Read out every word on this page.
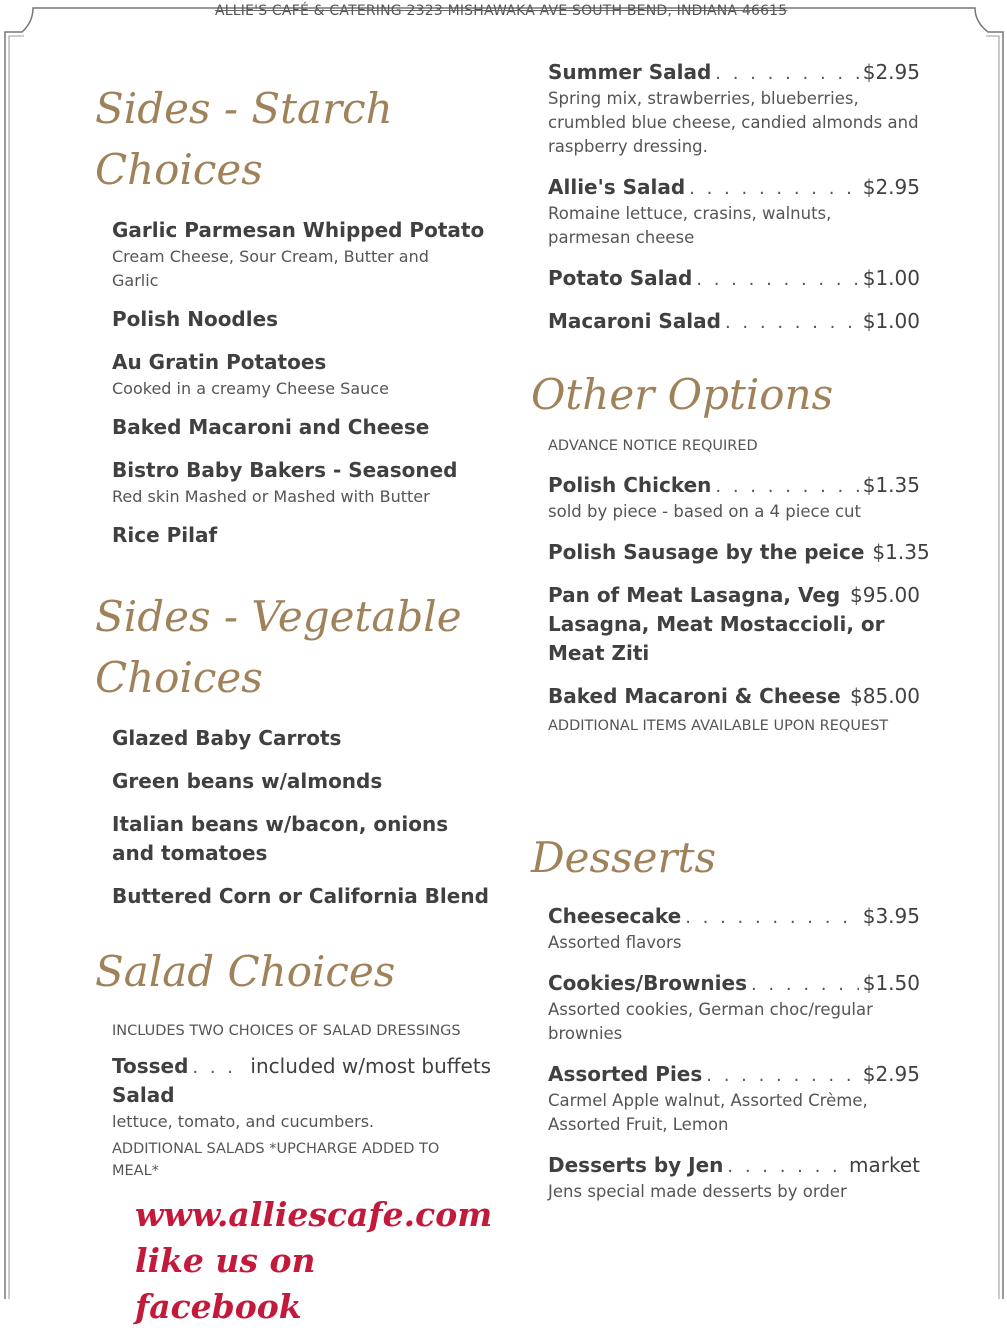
ALLIE'S CAFÉ & CATERING 2323 MISHAWAKA AVE SOUTH BEND, INDIANA 46615
Sides - Starch
Choices
Garlic Parmesan Whipped Potato
Cream Cheese, Sour Cream, Butter and Garlic
Polish Noodles
Au Gratin Potatoes
Cooked in a creamy Cheese Sauce
Baked Macaroni and Cheese
Bistro Baby Bakers - Seasoned
Red skin Mashed or Mashed with Butter
Rice Pilaf
Sides - Vegetable
Choices
Glazed Baby Carrots
Green beans w/almonds
Italian beans w/bacon, onions and tomatoes
Buttered Corn or California Blend
Salad Choices
INCLUDES TWO CHOICES OF SALAD DRESSINGS
Tossed . . .	included w/most buffets
Salad
lettuce, tomato, and cucumbers.
ADDITIONAL SALADS *UPCHARGE ADDED TO MEAL*
www.alliescafe.com
like us on facebook
Summer Salad . . .	$2.95
Spring mix, strawberries, blueberries, crumbled blue cheese, candied almonds and raspberry dressing.
Allie's Salad . . .	$2.95
Romaine lettuce, crasins, walnuts, parmesan cheese
Potato Salad . . .	$1.00
Macaroni Salad . . .	$1.00
Other Options
ADVANCE NOTICE REQUIRED
Polish Chicken . . .	$1.35
sold by piece - based on a 4 piece cut
Polish Sausage by the peice $1.35
Pan of Meat Lasagna, Veg . . . $95.00
Lasagna, Meat Mostaccioli, or
Meat Ziti
Baked Macaroni & Cheese . . . $85.00
ADDITIONAL ITEMS AVAILABLE UPON REQUEST
Desserts
Cheesecake . . .	$3.95
Assorted flavors
Cookies/Brownies . . .	$1.50
Assorted cookies, German choc/regular brownies
Assorted Pies . . .	$2.95
Carmel Apple walnut, Assorted Crème, Assorted Fruit, Lemon
Desserts by Jen . . .	market
Jens special made desserts by order
